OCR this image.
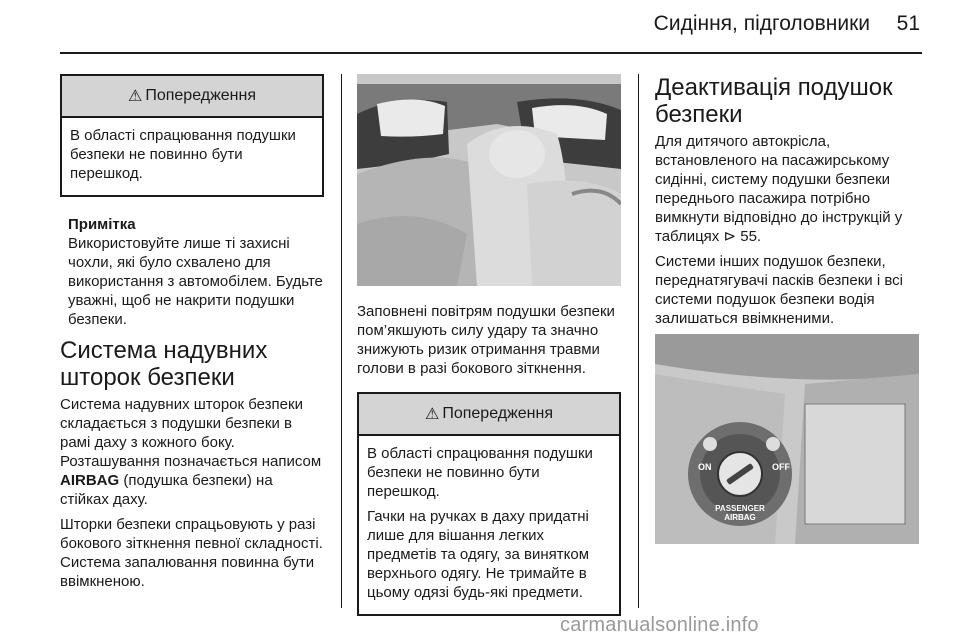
Сидіння, підголовники 51
⚠ Попередження

В області спрацювання подушки безпеки не повинно бути перешкод.

Примітка
Використовуйте лише ті захисні чохли, які було схвалено для використання з автомобілем. Будьте уважні, щоб не накрити подушки безпеки.
Система надувних шторок безпеки

Система надувних шторок безпеки складається з подушки безпеки в рамі даху з кожного боку. Розташування позначається написом AIRBAG (подушка безпеки) на стійках даху.

Шторки безпеки спрацьовують у разі бокового зіткнення певної складності. Система запалювання повинна бути ввімкненою.

Заповнені повітрям подушки безпеки пом’якшують силу удару та значно знижують ризик отримання травми голови в разі бокового зіткнення.
⚠ Попередження

В області спрацювання подушки безпеки не повинно бути перешкод.

Гачки на ручках в даху придатні лише для вішання легких предметів та одягу, за винятком верхнього одягу. Не тримайте в цьому одязі будь-які предмети.

Деактивація подушок безпеки

Для дитячого автокрісла, встановленого на пасажирському сидінні, систему подушки безпеки переднього пасажира потрібно вимкнути відповідно до інструкцій у таблицях ⊳ 55.

Системи інших подушок безпеки, переднатягувачі пасків безпеки і всі системи подушок безпеки водія залишаться ввімкненими.

ON	OFF
PASSENGER
AIRBAG
carmanualsonline.info
